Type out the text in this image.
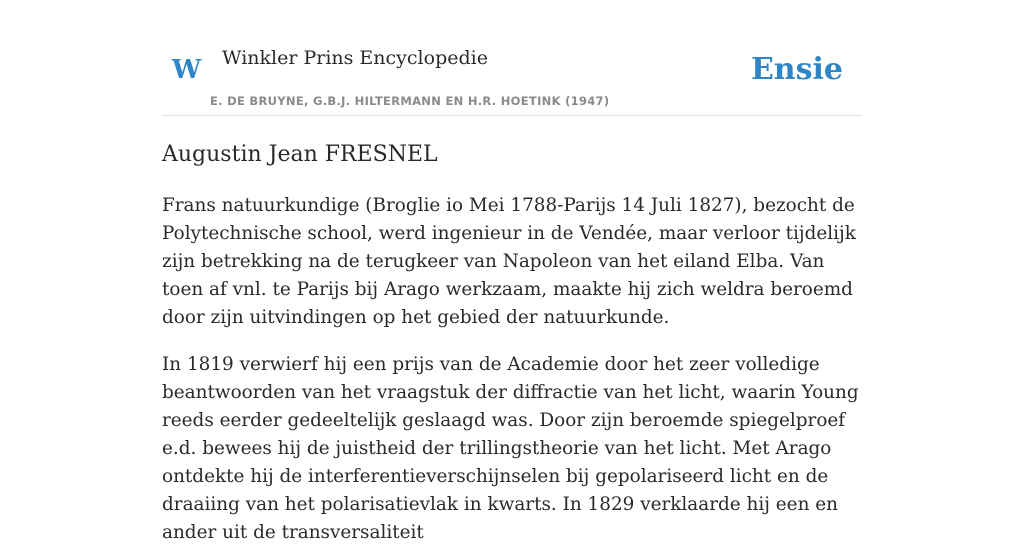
W Winkler Prins Encyclopedie
E. DE BRUYNE, G.B.J. HILTERMANN EN H.R. HOETINK (1947)
Ensie
Augustin Jean FRESNEL

Frans natuurkundige (Broglie io Mei 1788-Parijs 14 Juli 1827), bezocht de Polytechnische school, werd ingenieur in de Vendée, maar verloor tijdelijk zijn betrekking na de terugkeer van Napoleon van het eiland Elba. Van toen af vnl. te Parijs bij Arago werkzaam, maakte hij zich weldra beroemd door zijn uitvindingen op het gebied der natuurkunde.

In 1819 verwierf hij een prijs van de Academie door het zeer volledige beantwoorden van het vraagstuk der diffractie van het licht, waarin Young reeds eerder gedeeltelijk geslaagd was. Door zijn beroemde spiegelproef e.d. bewees hij de juistheid der trillingstheorie van het licht. Met Arago ontdekte hij de interferentieverschijnselen bij gepolariseerd licht en de draaiing van het polarisatievlak in kwarts. In 1829 verklaarde hij een en ander uit de transversaliteit
